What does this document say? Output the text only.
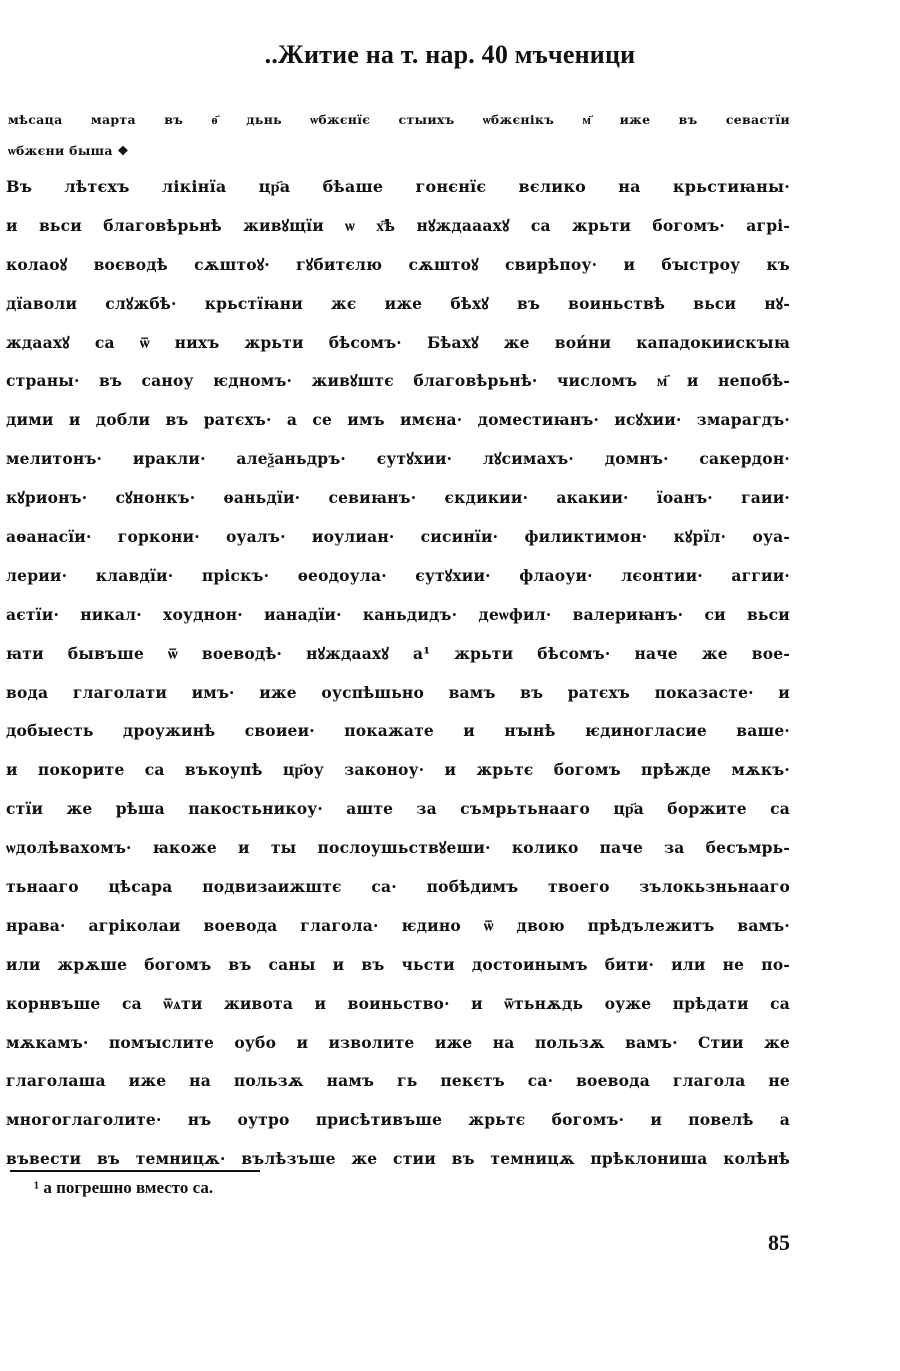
..Житие на т. нар. 40 мъченици
мѣсаца марта въ ѳ҃ дьнь ѡбжєнїє стыихъ ѡбжєнікъ м҃ иже въ севастїи
ѡбжєни быша ❖
Въ лѣтєхъ лікінїа цр҃а бѣаше гонєнїє вєлико на крьстиꙗны·
и вьси благовѣрьнѣ живꙋщїи ѡ х҃ѣ нꙋждааахꙋ са жрьти богомъ· агрі-
колаоꙋ воєводѣ сѫштоꙋ· гꙋбитєлю сѫштоꙋ свирѣпоу· и бꙑстроу къ
дїаволи слꙋжбѣ· крьстїꙗни жє иже бѣхꙋ въ воиньствѣ вьси нꙋ-
ждаахꙋ са ѿ нихъ жрьти бѣсомъ· Бѣахꙋ же вои́ни кападокиискꙑꙗ
страны· въ саноу ѥдномъ· живꙋштє благовѣрьнѣ· числомъ м҃ и непобѣ-
дими и добли въ ратєхъ· а се имъ имєна· доместиꙗнъ· исꙋхии· змарагдъ·
мелитонъ· иракли· алеѯаньдръ· єутꙋхии· лꙋсимахъ· домнъ· сакердон·
кꙋрионъ· сꙋнонкъ· ѳаньдїи· севиꙗнъ· єкдикии· акакии· їоанъ· гаии·
аѳанасїи· горкони· оуалъ· иоулиан· сисинїи· филиктимон· кꙋрїл· оуа-
лерии· клавдїи· пріскъ· ѳеодоула· єутꙋхии· флаоуи· лєонтии· аггии·
аєтїи· никал· хоуднон· ианадїи· каньдидъ· деѡфил· валериꙗнъ· си вьси
ꙗти бывъше ѿ воеводѣ· нꙋждаахꙋ а¹ жрьти бѣсомъ· наче же вое-
вода глаголати имъ· иже оуспѣшьно вамъ въ ратєхъ показасте· и
добыесть дроужинѣ своиеи· покажате и нꙑнѣ ѥдиногласие ваше·
и покорите са въкоупѣ цр҃оу законоу· и жрьтє богомъ прѣжде мѫкъ·
стїи же рѣша пакостьникоу· аште за съмрьтьнааго цр҃а боржите са
ѡдолѣвахомъ· ꙗкоже и ты послоушьствꙋеши· колико паче за бесъмрь-
тьнааго цѣсара подвизаижштє са· побѣдимъ твоего зълокьзньнааго
нрава· агріколаи воевода глагола· ѥдино ѿ двою прѣдълежитъ вамъ·
или жрѫше богомъ въ саны и въ чьсти достоинымъ бити· или не по-
корнвъше са ѿѧти живота и воиньство· и ѿтьнѫдь оуже прѣдати са
мѫкамъ· помꙑслите оубо и изволите иже на пользѫ вамъ· Стии же
глаголаша иже на пользѫ намъ гь пекєтъ са· воевода глагола не
многоглаголите· нъ оутро присѣтивъше жрьтє богомъ· и повелѣ а
въвести въ темницѫ· вълѣзъше же стии въ темницѫ прѣклониша колѣнѣ
¹ а погрешно вместо са.
85
